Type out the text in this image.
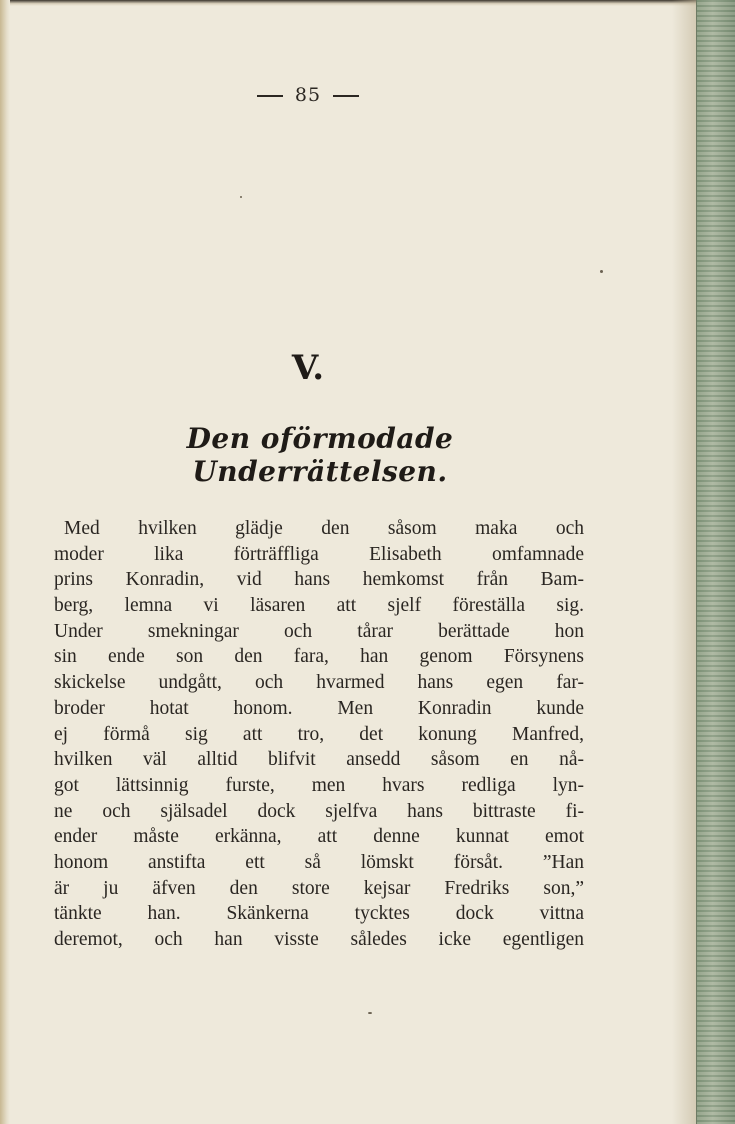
85
V.
Den oförmodade Underrättelsen.
Med hvilken glädje den såsom maka och
moder lika förträffliga Elisabeth omfamnade
prins Konradin, vid hans hemkomst från Bam-
berg, lemna vi läsaren att sjelf föreställa sig.
Under smekningar och tårar berättade hon
sin ende son den fara, han genom Försynens
skickelse undgått, och hvarmed hans egen far-
broder hotat honom. Men Konradin kunde
ej förmå sig att tro, det konung Manfred,
hvilken väl alltid blifvit ansedd såsom en nå-
got lättsinnig furste, men hvars redliga lyn-
ne och själsadel dock sjelfva hans bittraste fi-
ender måste erkänna, att denne kunnat emot
honom anstifta ett så lömskt försåt. ”Han
är ju äfven den store kejsar Fredriks son,”
tänkte han. Skänkerna tycktes dock vittna
deremot, och han visste således icke egentligen
